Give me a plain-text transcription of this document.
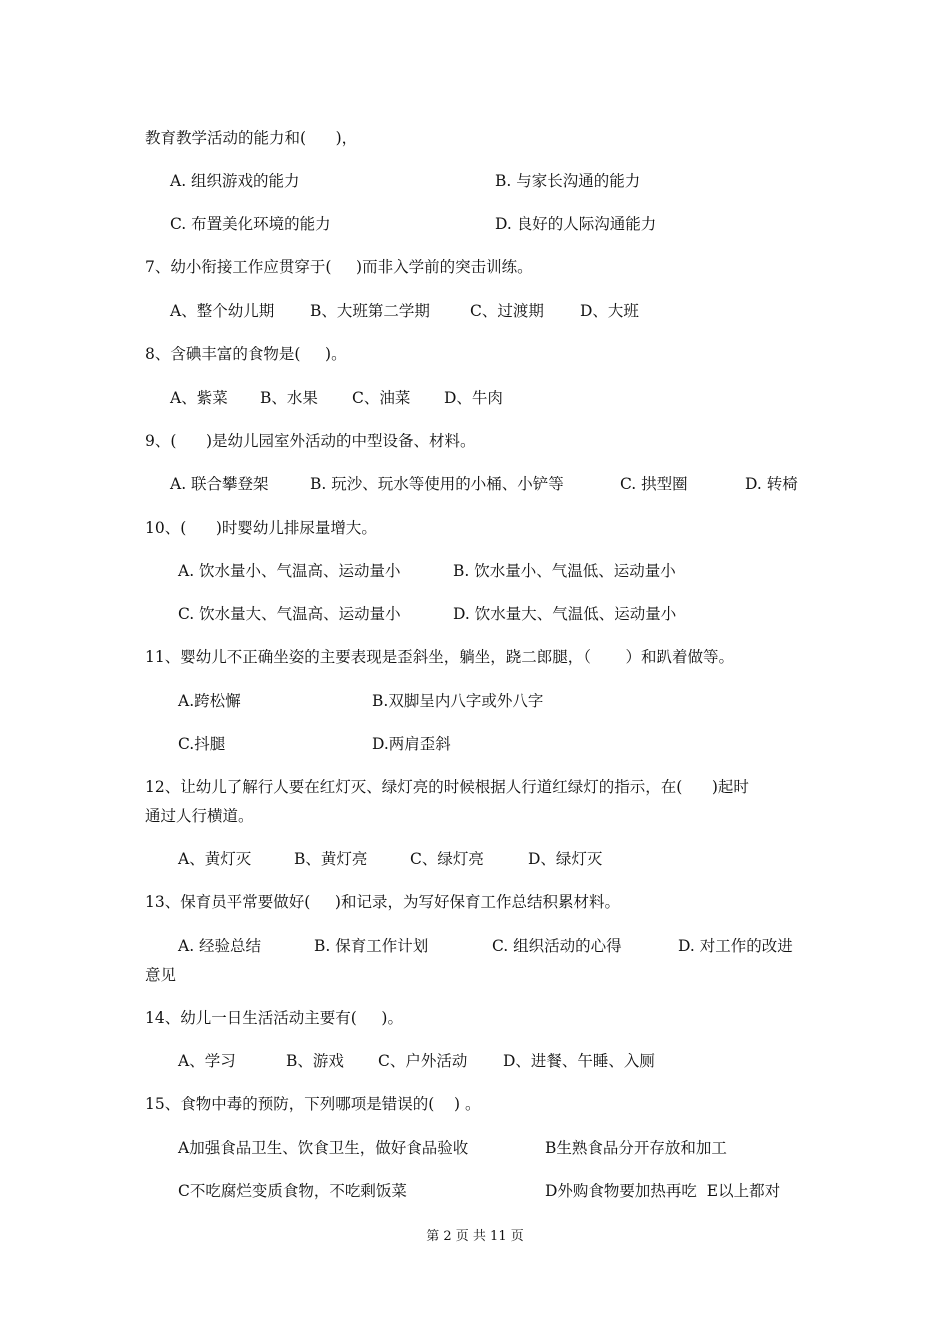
教育教学活动的能力和(      )，
A. 组织游戏的能力	B. 与家长沟通的能力
C. 布置美化环境的能力	D. 良好的人际沟通能力
7、幼小衔接工作应贯穿于(     )而非入学前的突击训练。
A、整个幼儿期 B、大班第二学期	C、过渡期 D、大班
8、含碘丰富的食物是(     )。
A、紫菜 B、水果 C、油菜 D、牛肉
9、(      )是幼儿园室外活动的中型设备、材料。
A. 联合攀登架	B. 玩沙、玩水等使用的小桶、小铲等	C. 拱型圈	D. 转椅
10、(      )时婴幼儿排尿量增大。
A. 饮水量小、气温高、运动量小	B. 饮水量小、气温低、运动量小
C. 饮水量大、气温高、运动量小	D. 饮水量大、气温低、运动量小
11、婴幼儿不正确坐姿的主要表现是歪斜坐，躺坐，跷二郎腿，（       ）和趴着做等。
A.跨松懈	B.双脚呈内八字或外八字
C.抖腿	D.两肩歪斜
12、让幼儿了解行人要在红灯灭、绿灯亮的时候根据人行道红绿灯的指示，在(      )起时
通过人行横道。
A、黄灯灭	B、黄灯亮	C、绿灯亮	D、绿灯灭
13、保育员平常要做好(     )和记录，为写好保育工作总结积累材料。
A. 经验总结	B. 保育工作计划	C. 组织活动的心得	D. 对工作的改进
意见
14、幼儿一日生活活动主要有(     )。
A、学习	B、游戏 C、户外活动 D、进餐、午睡、入厕
15、食物中毒的预防，下列哪项是错误的(    ) 。
A加强食品卫生、饮食卫生，做好食品验收	B生熟食品分开存放和加工
C不吃腐烂变质食物，不吃剩饭菜	D外购食物要加热再吃  E以上都对
第 2 页 共 11 页
